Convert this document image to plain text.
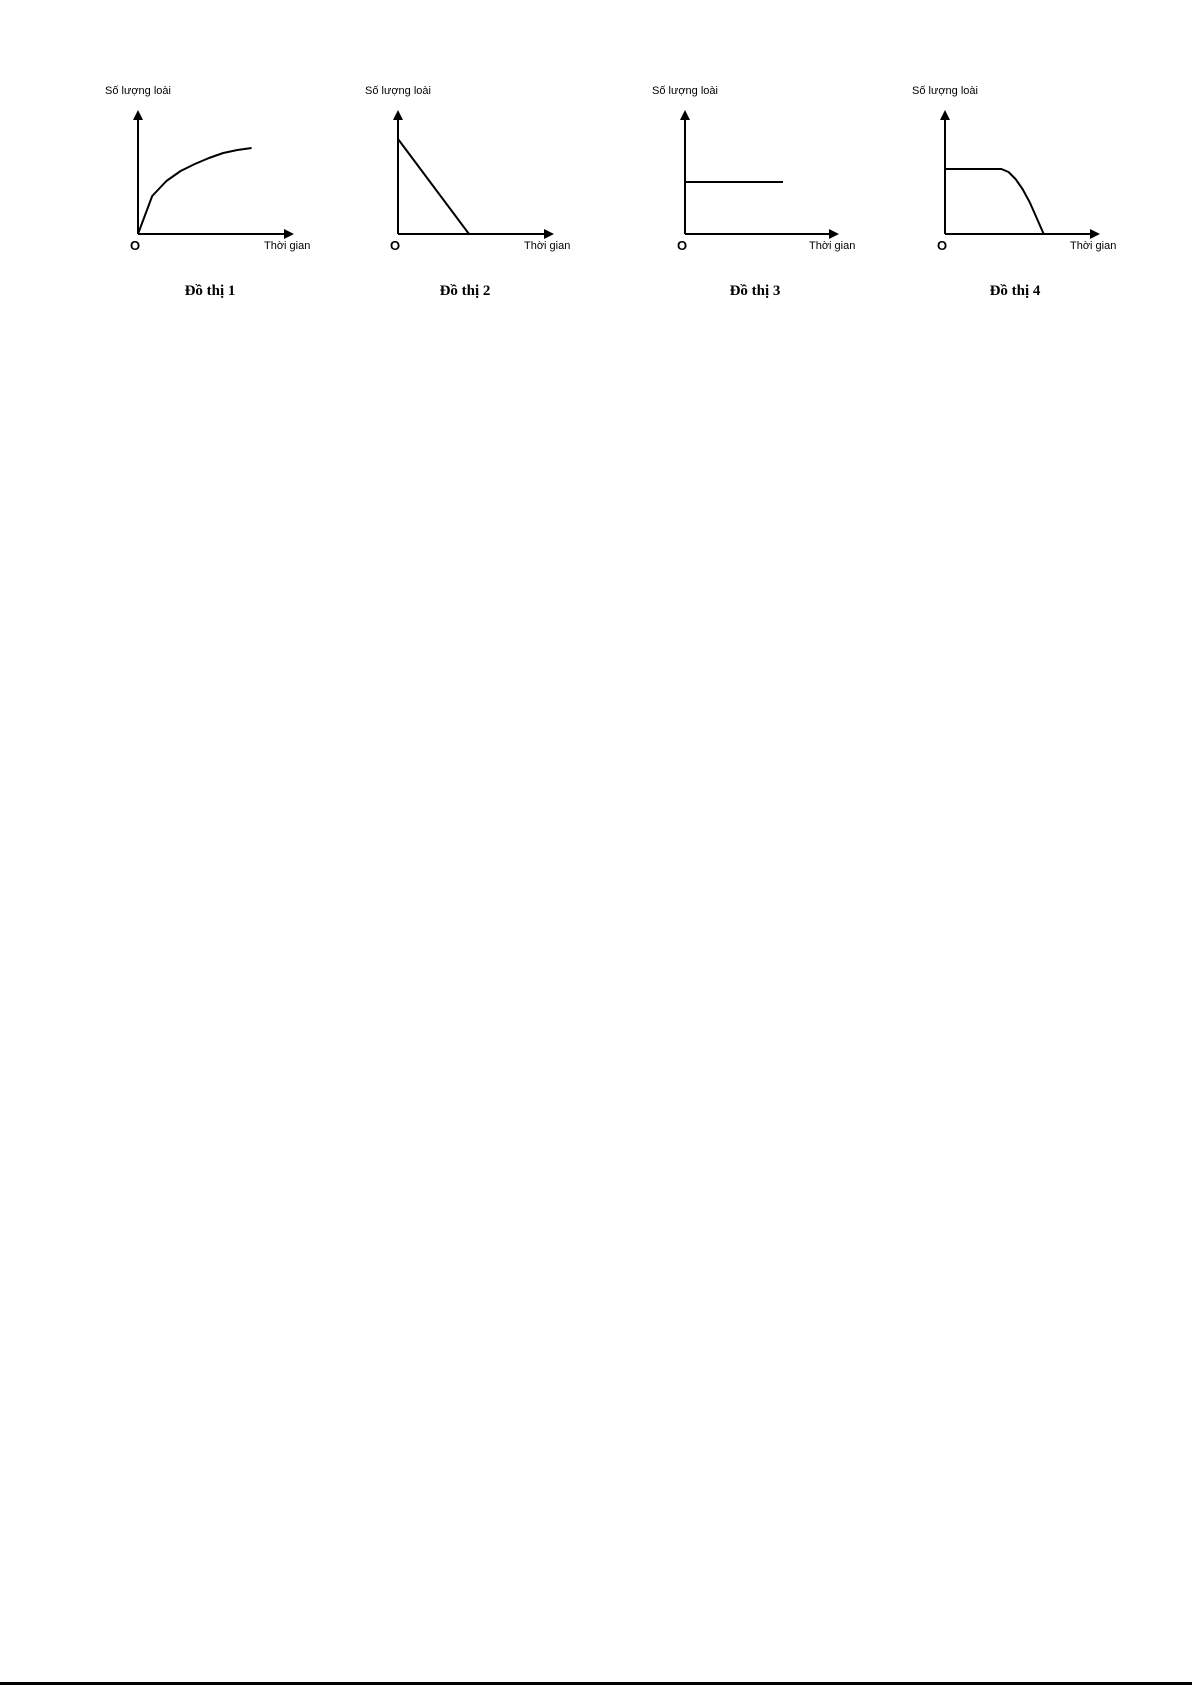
Số lượng loài
Thời gian
O
Đồ thị 1
Số lượng loài
Thời gian
O
Đồ thị 2
Số lượng loài
Thời gian
O
Đồ thị 3
Số lượng loài
Thời gian
O
Đồ thị 4
